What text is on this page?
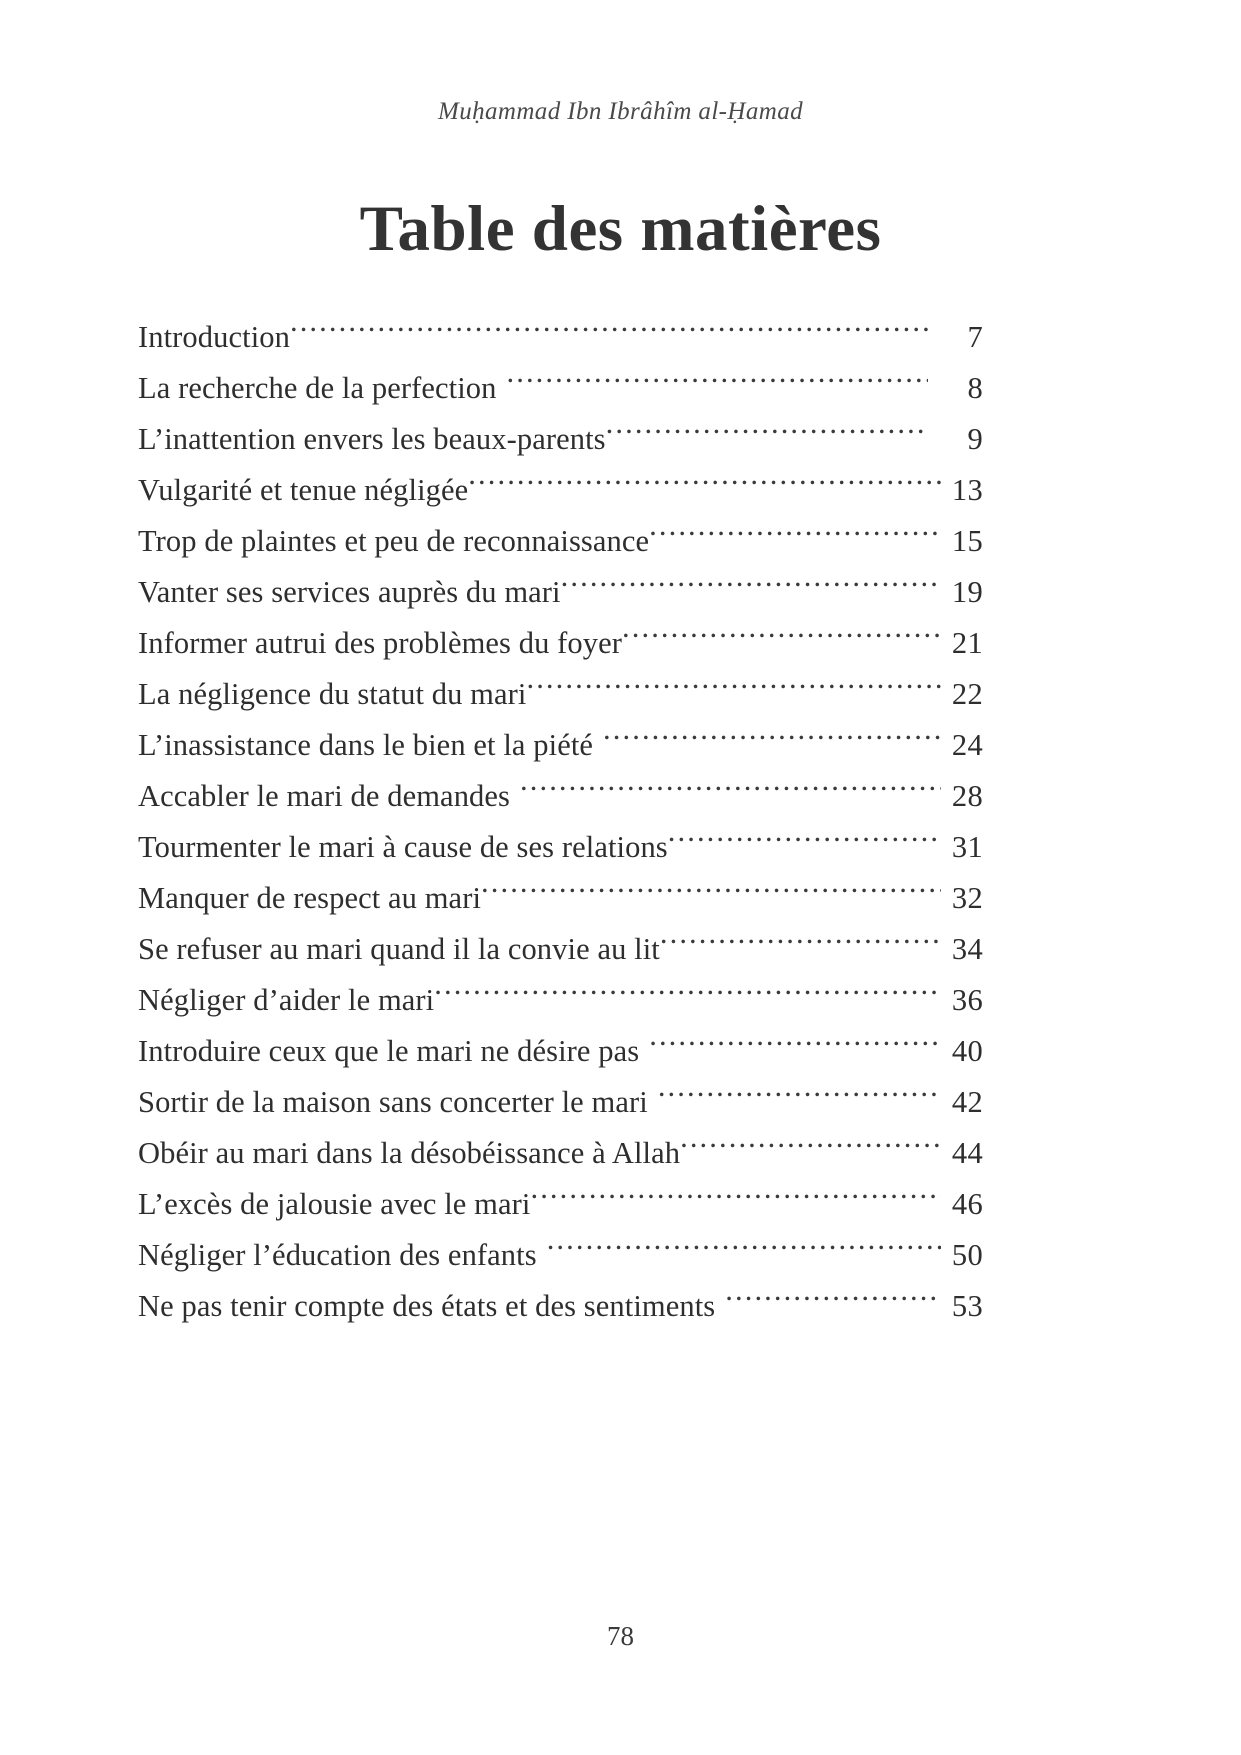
Muḥammad Ibn Ibrâhîm al-Ḥamad
Table des matières
Introduction .....	7
La recherche de la perfection .....	8
L’inattention envers les beaux-parents .....	9
Vulgarité et tenue négligée .....	13
Trop de plaintes et peu de reconnaissance .....	15
Vanter ses services auprès du mari .....	19
Informer autrui des problèmes du foyer .....	21
La négligence du statut du mari .....	22
L’inassistance dans le bien et la piété .....	24
Accabler le mari de demandes .....	28
Tourmenter le mari à cause de ses relations .....	31
Manquer de respect au mari .....	32
Se refuser au mari quand il la convie au lit .....	34
Négliger d’aider le mari .....	36
Introduire ceux que le mari ne désire pas .....	40
Sortir de la maison sans concerter le mari .....	42
Obéir au mari dans la désobéissance à Allah .....	44
L’excès de jalousie avec le mari .....	46
Négliger l’éducation des enfants .....	50
Ne pas tenir compte des états et des sentiments .....	53
78
